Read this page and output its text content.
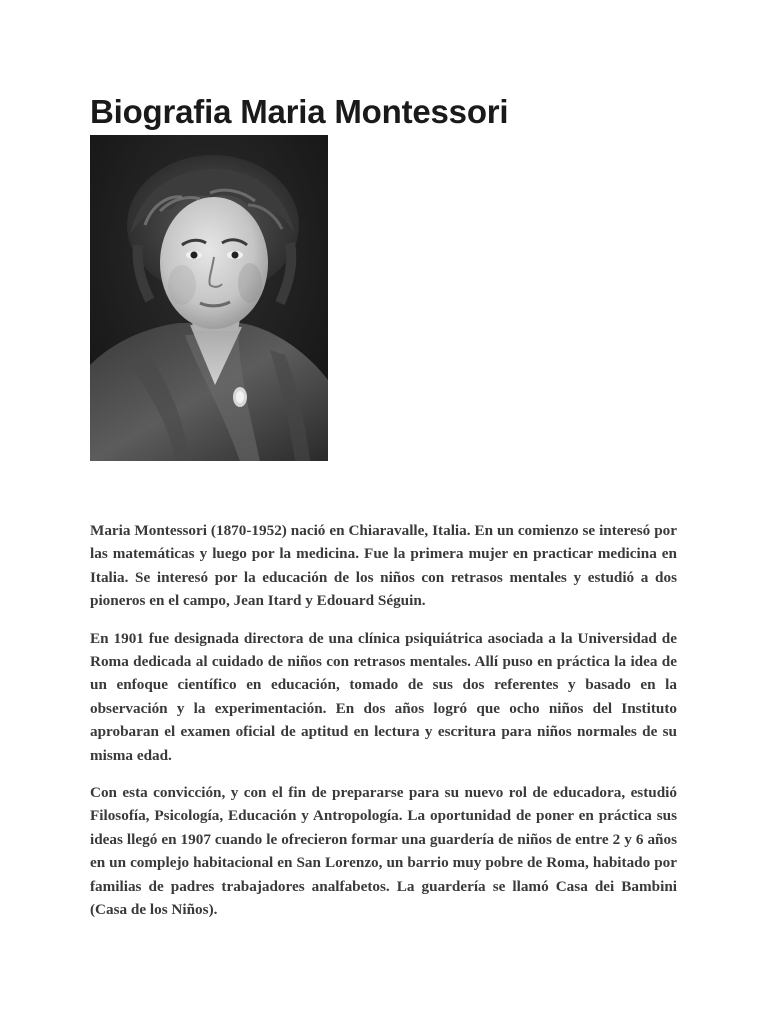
Biografia Maria Montessori

Maria Montessori (1870-1952) nació en Chiaravalle, Italia. En un comienzo se interesó por las matemáticas y luego por la medicina. Fue la primera mujer en practicar medicina en Italia. Se interesó por la educación de los niños con retrasos mentales y estudió a dos pioneros en el campo, Jean Itard y Edouard Séguin.

En 1901 fue designada directora de una clínica psiquiátrica asociada a la Universidad de Roma dedicada al cuidado de niños con retrasos mentales. Allí puso en práctica la idea de un enfoque científico en educación, tomado de sus dos referentes y basado en la observación y la experimentación. En dos años logró que ocho niños del Instituto aprobaran el examen oficial de aptitud en lectura y escritura para niños normales de su misma edad.

Con esta convicción, y con el fin de prepararse para su nuevo rol de educadora, estudió Filosofía, Psicología, Educación y Antropología. La oportunidad de poner en práctica sus ideas llegó en 1907 cuando le ofrecieron formar una guardería de niños de entre 2 y 6 años en un complejo habitacional en San Lorenzo, un barrio muy pobre de Roma, habitado por familias de padres trabajadores analfabetos. La guardería se llamó Casa dei Bambini (Casa de los Niños).
